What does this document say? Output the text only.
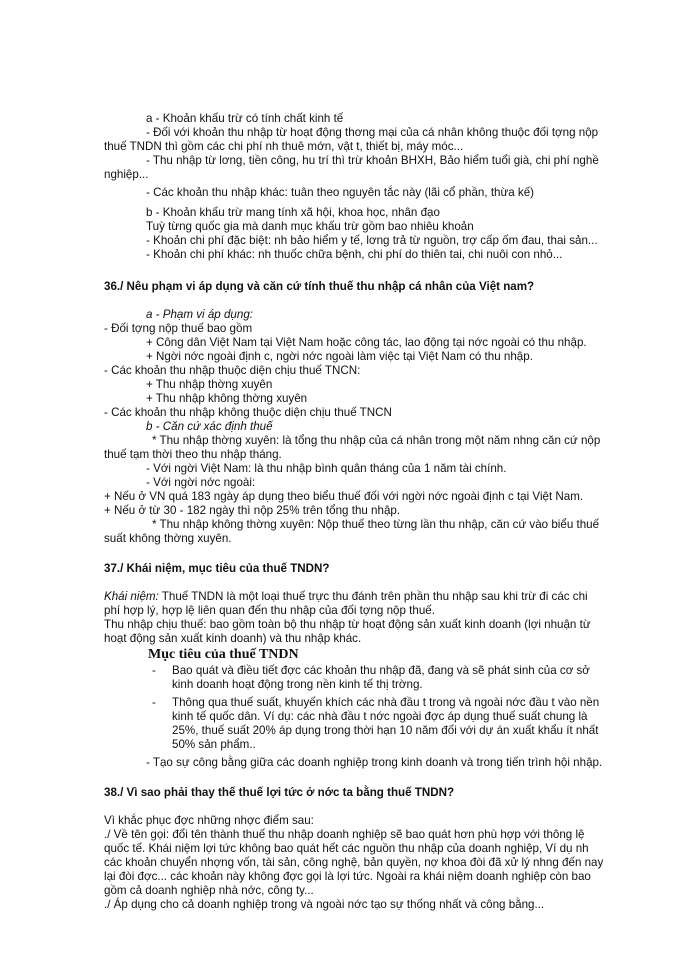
a - Khoản khấu trừ có tính chất kinh tế

- Đối với khoản thu nhập từ hoạt động thơng mại của cá nhân không thuộc đối tợng nộp thuế TNDN thì gồm các chi phí nh thuê mớn, vật t, thiết bị, máy móc...

- Thu nhập từ lơng, tiền công, hu trí thì trừ khoản BHXH, Bảo hiểm tuổi già, chi phí nghề nghiệp...

- Các khoản thu nhập khác: tuân theo nguyên tắc này (lãi cổ phần, thừa kế)

b - Khoản khấu trừ mang tính xã hội, khoa học, nhân đạo

Tuỳ từng quốc gia mà danh mục khấu trừ gồm bao nhiêu khoản

- Khoản chi phí đặc biệt: nh bảo hiểm y tế, lơng trả từ nguồn, trợ cấp ốm đau, thai sản...

- Khoản chi phí khác: nh thuốc chữa bệnh, chi phí do thiên tai, chi nuôi con nhỏ...

36./ Nêu phạm vi áp dụng và căn cứ tính thuế thu nhập cá nhân của Việt nam?

a - Phạm vi áp dụng:

- Đối tợng nộp thuế bao gồm

+ Công dân Việt Nam tại Việt Nam hoặc công tác, lao động tại nớc ngoài có thu nhập.

+ Ngời nớc ngoài định c, ngời nớc ngoài làm việc tại Việt Nam có thu nhập.

- Các khoản thu nhập thuộc diện chịu thuế TNCN:

+ Thu nhập thờng xuyên

+ Thu nhập không thờng xuyên

- Các khoản thu nhập không thuộc diện chịu thuế TNCN

b - Căn cứ xác định thuế

* Thu nhập thờng xuyên: là tổng thu nhập của cá nhân trong một năm nhng căn cứ nộp thuế tạm thời theo thu nhập tháng.

- Với ngời Việt Nam: là thu nhập bình quân tháng của 1 năm tài chính.

- Với ngời nớc ngoài:

+ Nếu ở VN quá 183 ngày áp dụng theo biểu thuế đối với ngời nớc ngoài định c tại Việt Nam.

+ Nếu ở từ 30 - 182 ngày thì nộp 25% trên tổng thu nhập.

* Thu nhập không thờng xuyên: Nộp thuế theo từng lần thu nhập, căn cứ vào biểu thuế suất không thờng xuyên.

37./ Khái niệm, mục tiêu của thuế TNDN?

Khái niệm: Thuế TNDN là một loại thuế trực thu đánh trên phần thu nhập sau khi trừ đi các chi phí hợp lý, hợp lệ liên quan đến thu nhập của đối tợng nộp thuế.

Thu nhập chịu thuế: bao gồm toàn bộ thu nhập từ hoạt động sản xuất kinh doanh (lợi nhuận từ hoạt động sản xuất kinh doanh) và thu nhập khác.

Mục tiêu của thuế TNDN

- Bao quát và điều tiết đợc các khoản thu nhập đã, đang và sẽ phát sinh của cơ sở kinh doanh hoạt động trong nền kinh tế thị trờng.
- Thông qua thuế suất, khuyến khích các nhà đầu t trong và ngoài nớc đầu t vào nền kinh tế quốc dân. Ví dụ: các nhà đầu t nớc ngoài đợc áp dụng thuế suất chung là 25%, thuế suất 20% áp dụng trong thời hạn 10 năm đối với dự án xuất khẩu ít nhất 50% sản phẩm..

- Tạo sự công bằng giữa các doanh nghiệp trong kinh doanh và trong tiến trình hội nhập.

38./ Vì sao phải thay thế thuế lợi tức ở nớc ta bằng thuế TNDN?

Vì khắc phục đợc những nhợc điểm sau:

./ Về tên gọi: đổi tên thành thuế thu nhập doanh nghiệp sẽ bao quát hơn phù hợp với thông lệ quốc tế. Khái niệm lợi tức không bao quát hết các nguồn thu nhập của doanh nghiệp, Ví dụ nh các khoản chuyển nhợng vốn, tài sản, công nghệ, bản quyền, nợ khoa đòi đã xử lý nhng đến nay lại đòi đợc... các khoản này không đợc gọi là lợi tức. Ngoài ra khái niệm doanh nghiệp còn bao gồm cả doanh nghiệp nhà nớc, công ty...

./ Áp dụng cho cả doanh nghiệp trong và ngoài nớc tạo sự thống nhất và công bằng...
